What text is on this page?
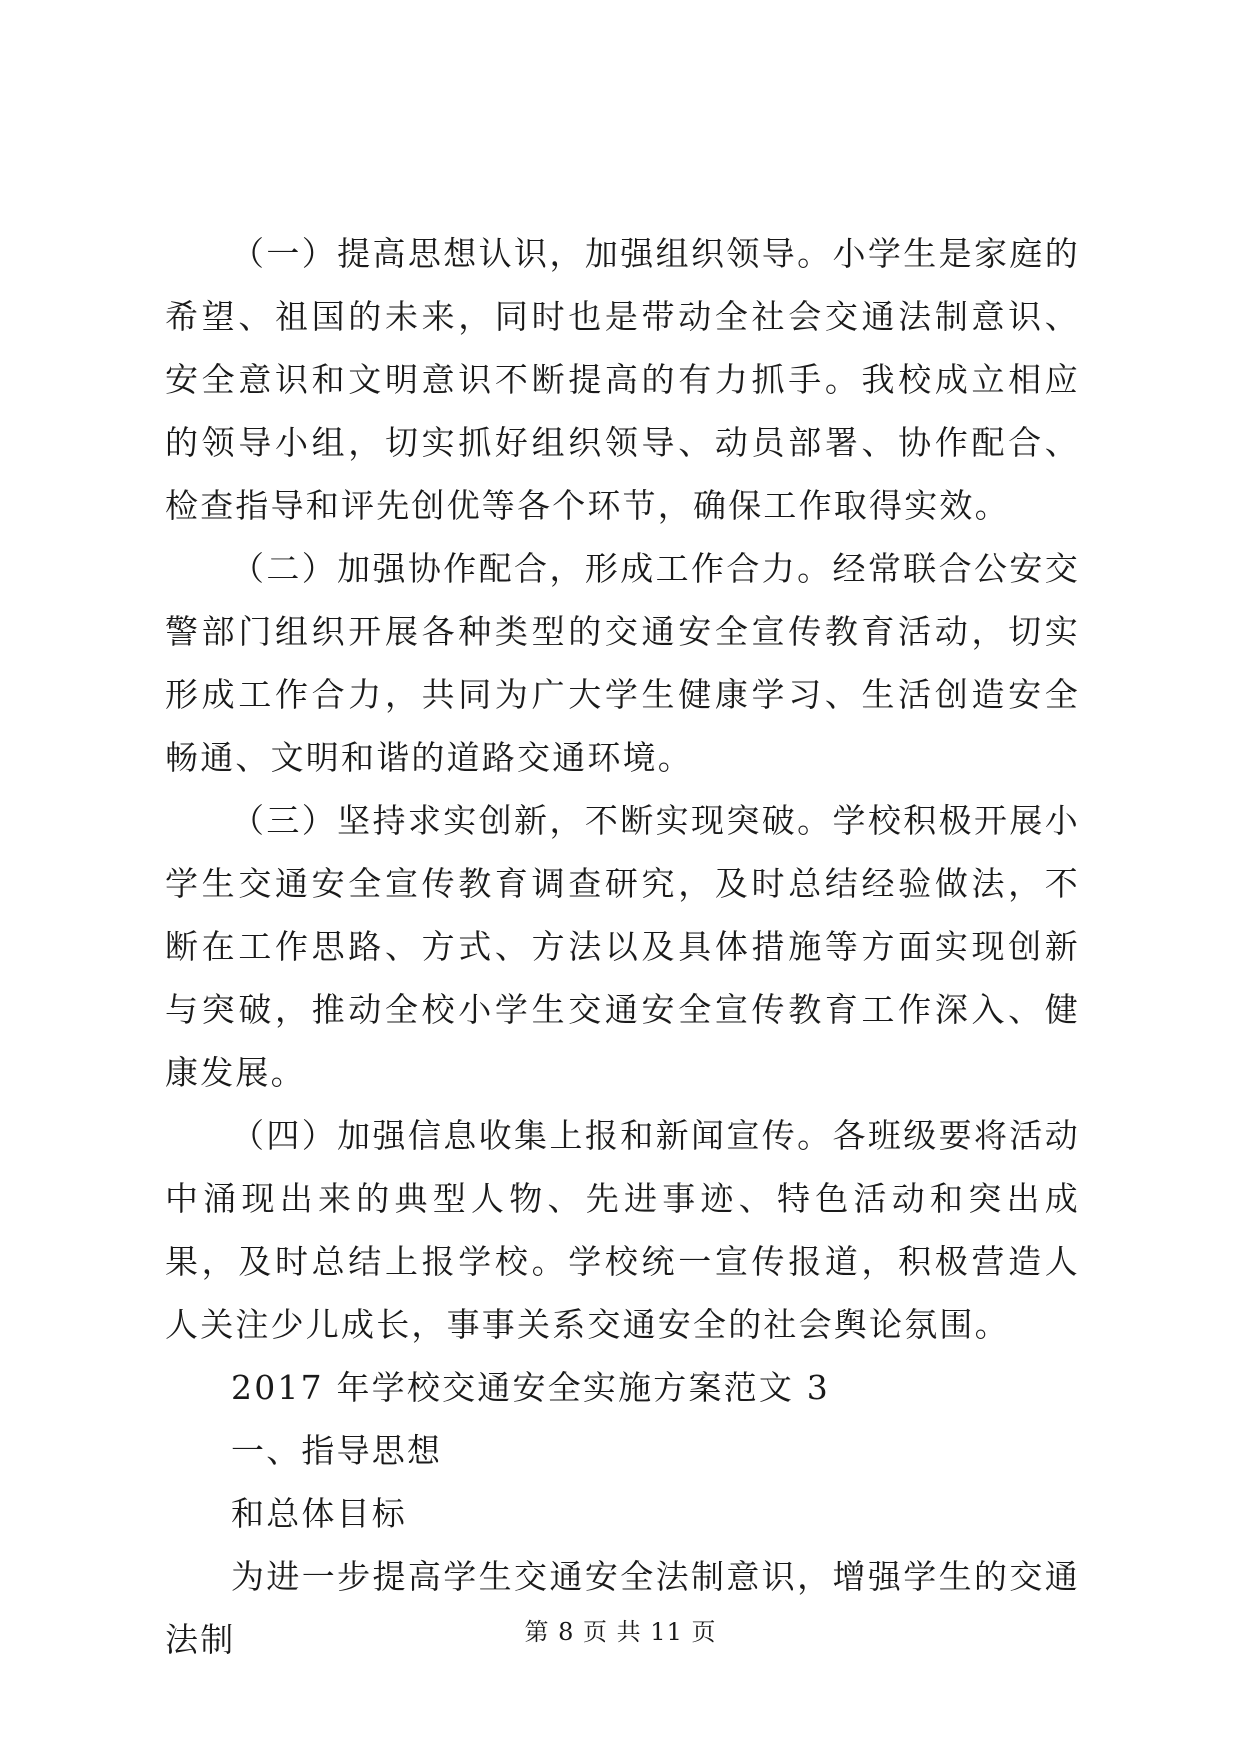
（一）提高思想认识，加强组织领导。小学生是家庭的希望、祖国的未来，同时也是带动全社会交通法制意识、安全意识和文明意识不断提高的有力抓手。我校成立相应的领导小组，切实抓好组织领导、动员部署、协作配合、检查指导和评先创优等各个环节，确保工作取得实效。

（二）加强协作配合，形成工作合力。经常联合公安交警部门组织开展各种类型的交通安全宣传教育活动，切实形成工作合力，共同为广大学生健康学习、生活创造安全畅通、文明和谐的道路交通环境。

（三）坚持求实创新，不断实现突破。学校积极开展小学生交通安全宣传教育调查研究，及时总结经验做法，不断在工作思路、方式、方法以及具体措施等方面实现创新与突破，推动全校小学生交通安全宣传教育工作深入、健康发展。

（四）加强信息收集上报和新闻宣传。各班级要将活动中涌现出来的典型人物、先进事迹、特色活动和突出成果，及时总结上报学校。学校统一宣传报道，积极营造人人关注少儿成长，事事关系交通安全的社会舆论氛围。

2017 年学校交通安全实施方案范文 3

一、指导思想

和总体目标

为进一步提高学生交通安全法制意识，增强学生的交通法制	第 8 页 共 11 页
